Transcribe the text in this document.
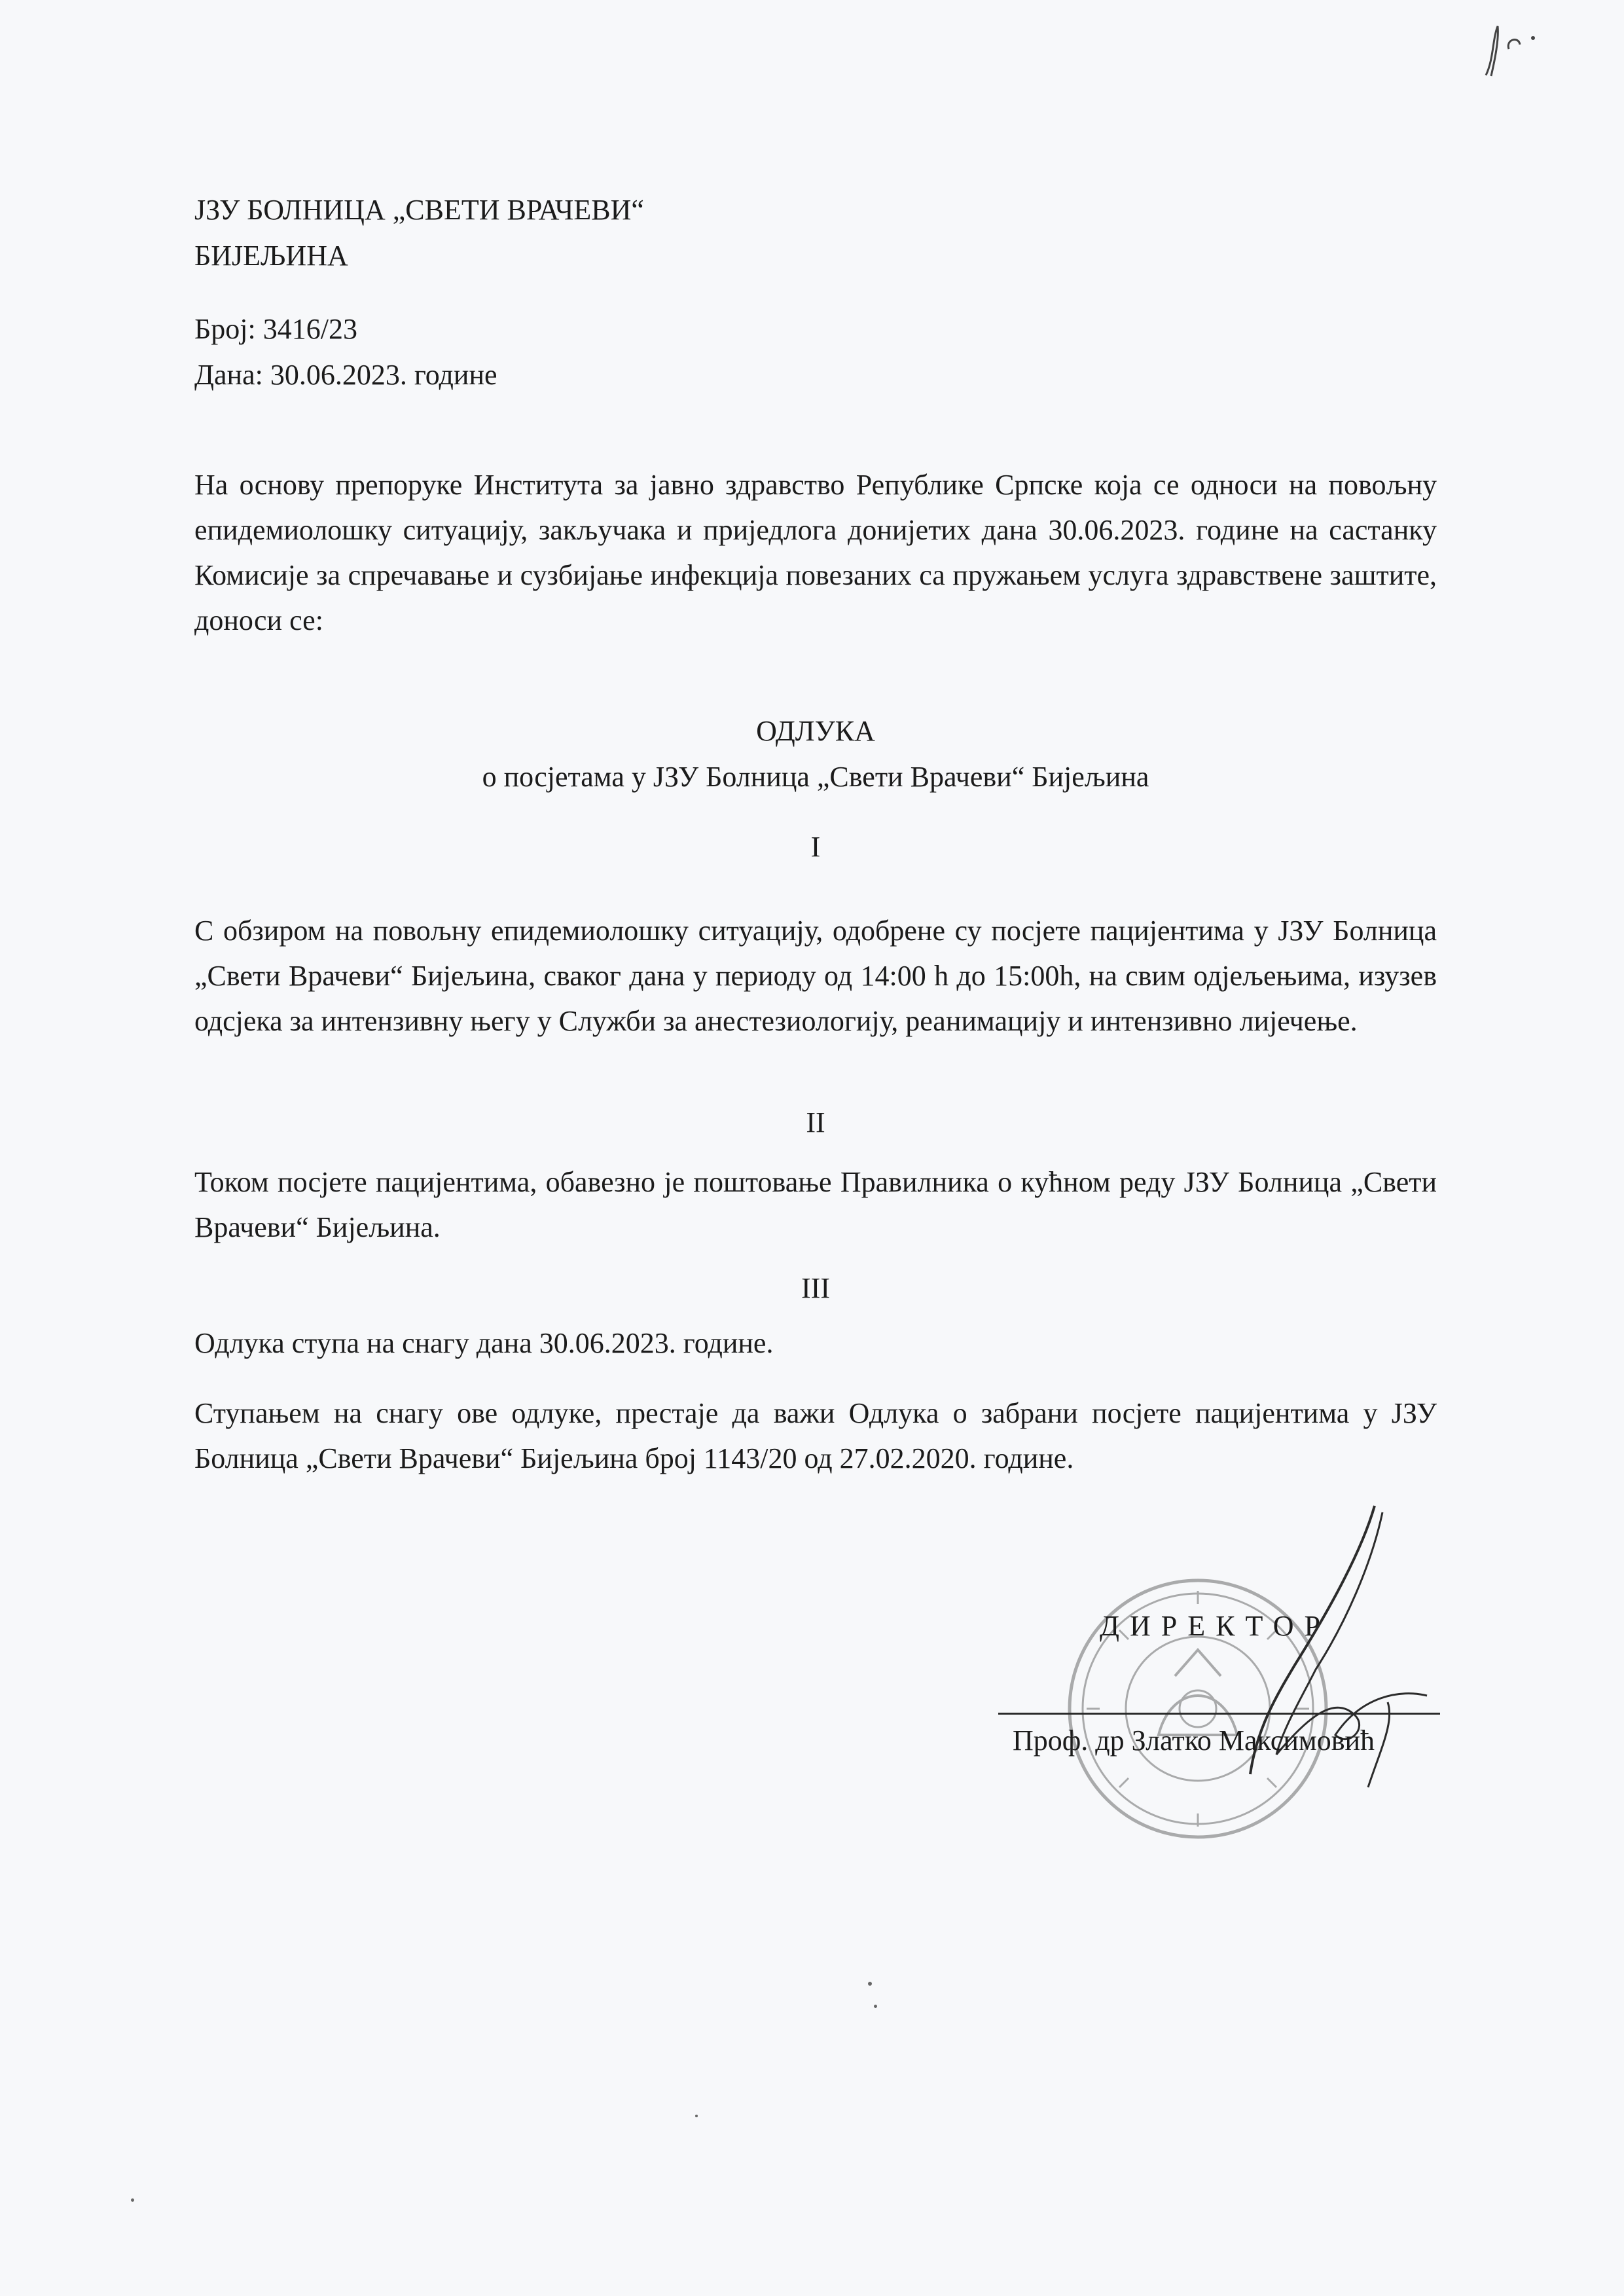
ЈЗУ БОЛНИЦА „СВЕТИ ВРАЧЕВИ“
БИЈЕЉИНА
Број: 3416/23
Дана: 30.06.2023. године
На основу препоруке Института за јавно здравство Републике Српске која се односи на повољну епидемиолошку ситуацију, закључака и приједлога донијетих дана 30.06.2023. године на састанку Комисије за спречавање и сузбијање инфекција повезаних са пружањем услуга здравствене заштите, доноси се:
ОДЛУКА
о посјетама у ЈЗУ Болница „Свети Врачеви“ Бијељина
I
С обзиром на повољну епидемиолошку ситуацију, одобрене су посјете пацијентима у ЈЗУ Болница „Свети Врачеви“ Бијељина, сваког дана у периоду од 14:00 h до 15:00h, на свим одјељењима, изузев одсјека за интензивну његу у Служби за анестезиологију, реанимацију и интензивно лијечење.
II
Током посјете пацијентима, обавезно је поштовање Правилника о кућном реду ЈЗУ Болница „Свети Врачеви“ Бијељина.
III
Одлука ступа на снагу дана 30.06.2023. године.
Ступањем на снагу ове одлуке, престаје да важи Одлука о забрани посјете пацијентима у ЈЗУ Болница „Свети Врачеви“ Бијељина број 1143/20 од 27.02.2020. године.
ДИРЕКТОР
Проф. др Златко Максимовић
